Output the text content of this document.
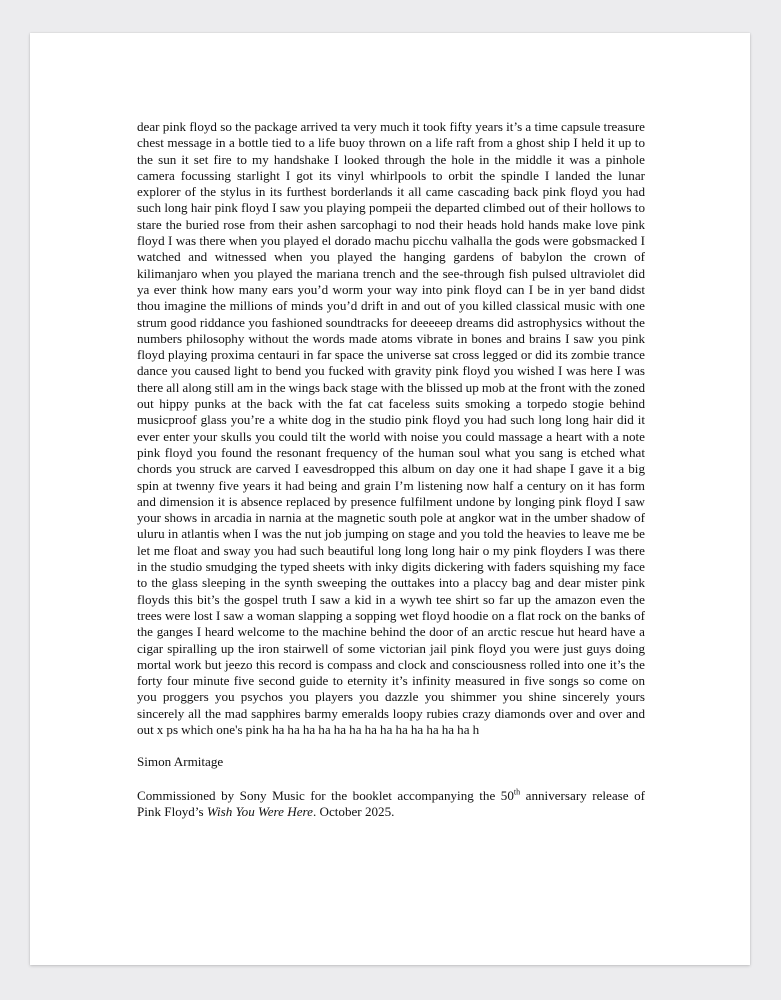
dear pink floyd so the package arrived ta very much it took fifty years it’s a time capsule treasure chest message in a bottle tied to a life buoy thrown on a life raft from a ghost ship I held it up to the sun it set fire to my handshake I looked through the hole in the middle it was a pinhole camera focussing starlight I got its vinyl whirlpools to orbit the spindle I landed the lunar explorer of the stylus in its furthest borderlands it all came cascading back pink floyd you had such long hair pink floyd I saw you playing pompeii the departed climbed out of their hollows to stare the buried rose from their ashen sarcophagi to nod their heads hold hands make love pink floyd I was there when you played el dorado machu picchu valhalla the gods were gobsmacked I watched and witnessed when you played the hanging gardens of babylon the crown of kilimanjaro when you played the mariana trench and the see-through fish pulsed ultraviolet did ya ever think how many ears you’d worm your way into pink floyd can I be in yer band didst thou imagine the millions of minds you’d drift in and out of you killed classical music with one strum good riddance you fashioned soundtracks for deeeeep dreams did astrophysics without the numbers philosophy without the words made atoms vibrate in bones and brains I saw you pink floyd playing proxima centauri in far space the universe sat cross legged or did its zombie trance dance you caused light to bend you fucked with gravity pink floyd you wished I was here I was there all along still am in the wings back stage with the blissed up mob at the front with the zoned out hippy punks at the back with the fat cat faceless suits smoking a torpedo stogie behind musicproof glass you’re a white dog in the studio pink floyd you had such long long hair did it ever enter your skulls you could tilt the world with noise you could massage a heart with a note pink floyd you found the resonant frequency of the human soul what you sang is etched what chords you struck are carved I eavesdropped this album on day one it had shape I gave it a big spin at twenny five years it had being and grain I’m listening now half a century on it has form and dimension it is absence replaced by presence fulfilment undone by longing pink floyd I saw your shows in arcadia in narnia at the magnetic south pole at angkor wat in the umber shadow of uluru in atlantis when I was the nut job jumping on stage and you told the heavies to leave me be let me float and sway you had such beautiful long long long hair o my pink floyders I was there in the studio smudging the typed sheets with inky digits dickering with faders squishing my face to the glass sleeping in the synth sweeping the outtakes into a placcy bag and dear mister pink floyds this bit’s the gospel truth I saw a kid in a wywh tee shirt so far up the amazon even the trees were lost I saw a woman slapping a sopping wet floyd hoodie on a flat rock on the banks of the ganges I heard welcome to the machine behind the door of an arctic rescue hut heard have a cigar spiralling up the iron stairwell of some victorian jail pink floyd you were just guys doing mortal work but jeezo this record is compass and clock and consciousness rolled into one it’s the forty four minute five second guide to eternity it’s infinity measured in five songs so come on you proggers you psychos you players you dazzle you shimmer you shine sincerely yours sincerely all the mad sapphires barmy emeralds loopy rubies crazy diamonds over and over and out x ps which one's pink ha ha ha ha ha ha ha ha ha ha ha ha ha h

Simon Armitage

Commissioned by Sony Music for the booklet accompanying the 50th anniversary release of Pink Floyd’s Wish You Were Here. October 2025.
